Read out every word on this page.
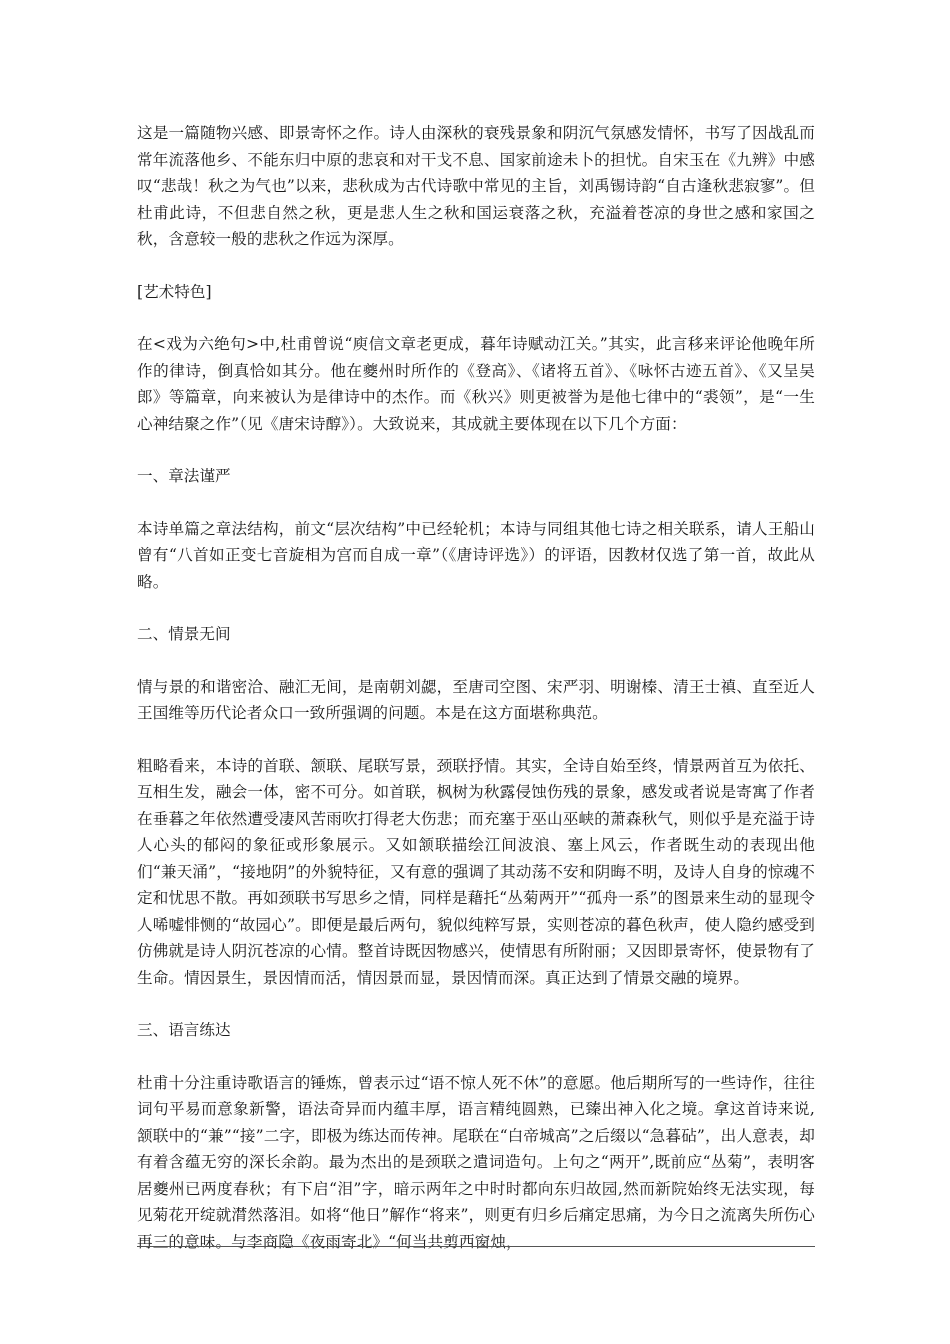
这是一篇随物兴感、即景寄怀之作。诗人由深秋的衰残景象和阴沉气氛感发情怀，书写了因战乱而常年流落他乡、不能东归中原的悲哀和对干戈不息、国家前途未卜的担忧。自宋玉在《九辨》中感叹“悲哉！秋之为气也”以来，悲秋成为古代诗歌中常见的主旨，刘禹锡诗韵“自古逢秋悲寂寥”。但杜甫此诗，不但悲自然之秋，更是悲人生之秋和国运衰落之秋，充溢着苍凉的身世之感和家国之秋，含意较一般的悲秋之作远为深厚。

[艺术特色]

在<戏为六绝句>中,杜甫曾说“庾信文章老更成，暮年诗赋动江关。”其实，此言移来评论他晚年所作的律诗，倒真恰如其分。他在夔州时所作的《登高》、《诸将五首》、《咏怀古迹五首》、《又呈吴郎》等篇章，向来被认为是律诗中的杰作。而《秋兴》则更被誉为是他七律中的“裘领”，是“一生心神结聚之作”（见《唐宋诗醇》）。大致说来，其成就主要体现在以下几个方面：

一、章法谨严

本诗单篇之章法结构，前文“层次结构”中已经轮机；本诗与同组其他七诗之相关联系，请人王船山曾有“八首如正变七音旋相为宫而自成一章”（《唐诗评选》）的评语，因教材仅选了第一首，故此从略。

二、情景无间

情与景的和谐密洽、融汇无间，是南朝刘勰，至唐司空图、宋严羽、明谢榛、清王士禛、直至近人王国维等历代论者众口一致所强调的问题。本是在这方面堪称典范。

粗略看来，本诗的首联、颔联、尾联写景，颈联抒情。其实，全诗自始至终，情景两首互为依托、互相生发，融会一体，密不可分。如首联，枫树为秋露侵蚀伤残的景象，感发或者说是寄寓了作者在垂暮之年依然遭受凄风苦雨吹打得老大伤悲；而充塞于巫山巫峡的萧森秋气，则似乎是充溢于诗人心头的郁闷的象征或形象展示。又如颔联描绘江间波浪、塞上风云，作者既生动的表现出他们“兼天涌”，“接地阴”的外貌特征，又有意的强调了其动荡不安和阴晦不明，及诗人自身的惊魂不定和忧思不散。再如颈联书写思乡之情，同样是藉托“丛菊两开”“孤舟一系”的图景来生动的显现令人唏嘘悱恻的“故园心”。即便是最后两句，貌似纯粹写景，实则苍凉的暮色秋声，使人隐约感受到仿佛就是诗人阴沉苍凉的心情。整首诗既因物感兴，使情思有所附丽；又因即景寄怀，使景物有了生命。情因景生，景因情而活，情因景而显，景因情而深。真正达到了情景交融的境界。

三、语言练达

杜甫十分注重诗歌语言的锤炼，曾表示过“语不惊人死不休”的意愿。他后期所写的一些诗作，往往词句平易而意象新警，语法奇异而内蕴丰厚，语言精纯圆熟，已臻出神入化之境。拿这首诗来说,颔联中的“兼”“接”二字，即极为练达而传神。尾联在“白帝城高”之后缀以“急暮砧”，出人意表，却有着含蕴无穷的深长余韵。最为杰出的是颈联之遣词造句。上句之“两开”,既前应“丛菊”，表明客居夔州已两度春秋；有下启“泪”字，暗示两年之中时时都向东归故园,然而新院始终无法实现，每见菊花开绽就潸然落泪。如将“他日”解作“将来”，则更有归乡后痛定思痛，为今日之流离失所伤心再三的意味。与李商隐《夜雨寄北》“何当共剪西窗烛，
